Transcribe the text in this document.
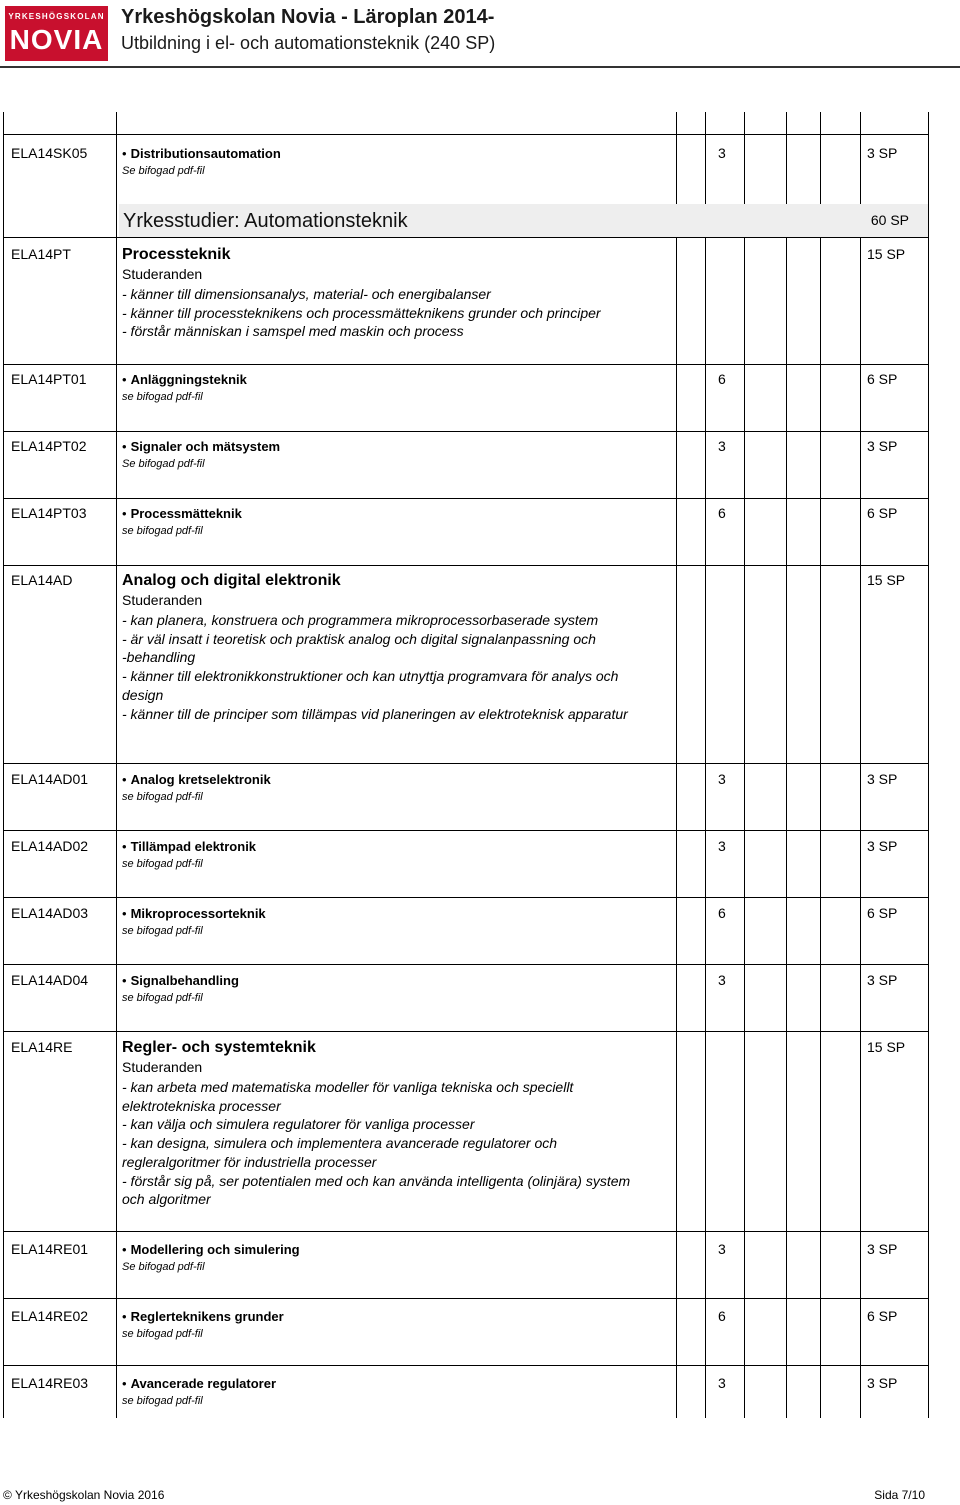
YRKESHÖGSKOLAN
NOVIA
Yrkeshögskolan Novia - Läroplan 2014-
Utbildning i el- och automationsteknik (240 SP)
ELA14SK05	• Distributionsautomation
Se bifogad pdf-fil
3	3 SP
Yrkesstudier: Automationsteknik	60 SP
ELA14PT	Processteknik
Studeranden
- känner till dimensionsanalys, material- och energibalanser
- känner till processteknikens och processmätteknikens grunder och principer
- förstår människan i samspel med maskin och process
15 SP
ELA14PT01	• Anläggningsteknik
se bifogad pdf-fil
6	6 SP
ELA14PT02	• Signaler och mätsystem
Se bifogad pdf-fil
3	3 SP
ELA14PT03	• Processmätteknik
se bifogad pdf-fil
6	6 SP
ELA14AD	Analog och digital elektronik
Studeranden
- kan planera, konstruera och programmera mikroprocessorbaserade system
- är väl insatt i teoretisk och praktisk analog och digital signalanpassning och
-behandling
- känner till elektronikkonstruktioner och kan utnyttja programvara för analys och
design
- känner till de principer som tillämpas vid planeringen av elektroteknisk apparatur
15 SP
ELA14AD01	• Analog kretselektronik
se bifogad pdf-fil
3	3 SP
ELA14AD02	• Tillämpad elektronik
se bifogad pdf-fil
3	3 SP
ELA14AD03	• Mikroprocessorteknik
se bifogad pdf-fil
6	6 SP
ELA14AD04	• Signalbehandling
se bifogad pdf-fil
3	3 SP
ELA14RE	Regler- och systemteknik
Studeranden
- kan arbeta med matematiska modeller för vanliga tekniska och speciellt
elektrotekniska processer
- kan välja och simulera regulatorer för vanliga processer
- kan designa, simulera och implementera avancerade regulatorer och
regleralgoritmer för industriella processer
- förstår sig på, ser potentialen med och kan använda intelligenta (olinjära) system
och algoritmer
15 SP
ELA14RE01	• Modellering och simulering
Se bifogad pdf-fil
3	3 SP
ELA14RE02	• Reglerteknikens grunder
se bifogad pdf-fil
6	6 SP
ELA14RE03	• Avancerade regulatorer
se bifogad pdf-fil
3	3 SP
© Yrkeshögskolan Novia 2016	Sida 7/10
